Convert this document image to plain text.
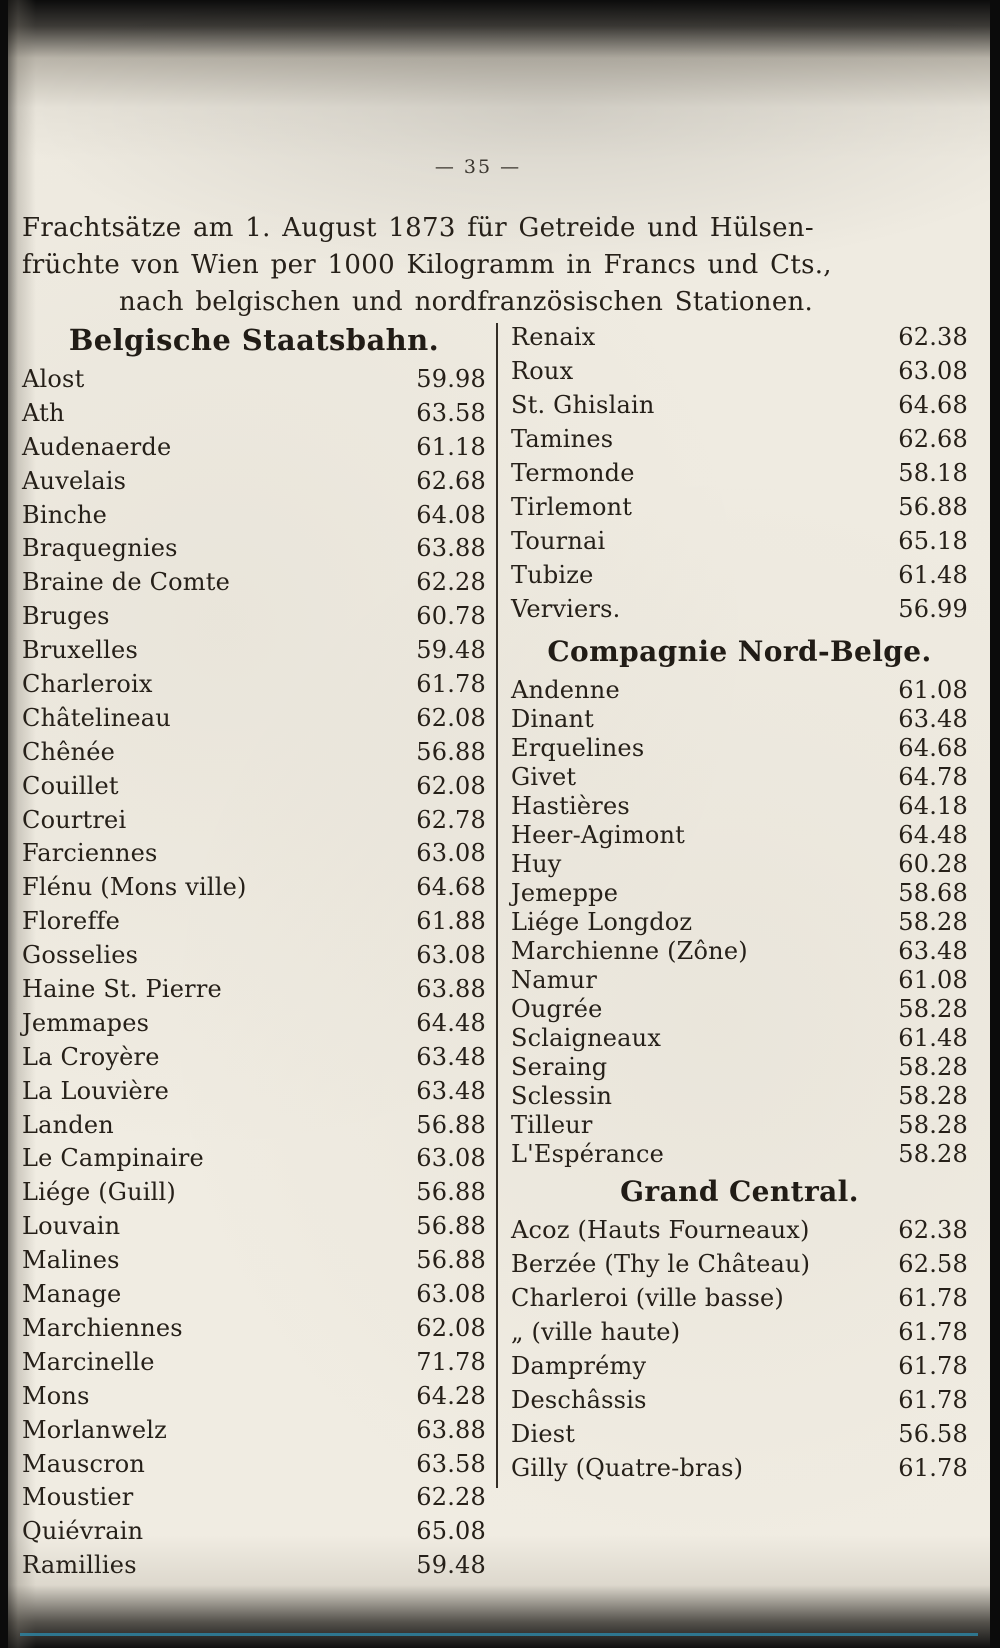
— 35 —
Frachtsätze am 1. August 1873 für Getreide und Hülsen-
früchte von Wien per 1000 Kilogramm in Francs und Cts.,
nach belgischen und nordfranzösischen Stationen.
Belgische Staatsbahn.
Alost	59.98
Ath	63.58
Audenaerde	61.18
Auvelais	62.68
Binche	64.08
Braquegnies	63.88
Braine de Comte	62.28
Bruges	60.78
Bruxelles	59.48
Charleroix	61.78
Châtelineau	62.08
Chênée	56.88
Couillet	62.08
Courtrei	62.78
Farciennes	63.08
Flénu (Mons ville)	64.68
Floreffe	61.88
Gosselies	63.08
Haine St. Pierre	63.88
Jemmapes	64.48
La Croyère	63.48
La Louvière	63.48
Landen	56.88
Le Campinaire	63.08
Liége (Guill)	56.88
Louvain	56.88
Malines	56.88
Manage	63.08
Marchiennes	62.08
Marcinelle	71.78
Mons	64.28
Morlanwelz	63.88
Mauscron	63.58
Moustier	62.28
Quiévrain	65.08
Ramillies	59.48
Renaix	62.38
Roux	63.08
St. Ghislain	64.68
Tamines	62.68
Termonde	58.18
Tirlemont	56.88
Tournai	65.18
Tubize	61.48
Verviers.	56.99
Compagnie Nord-Belge.
Andenne	61.08
Dinant	63.48
Erquelines	64.68
Givet	64.78
Hastières	64.18
Heer-Agimont	64.48
Huy	60.28
Jemeppe	58.68
Liége Longdoz	58.28
Marchienne (Zône)	63.48
Namur	61.08
Ougrée	58.28
Sclaigneaux	61.48
Seraing	58.28
Sclessin	58.28
Tilleur	58.28
L'Espérance	58.28
Grand Central.
Acoz (Hauts Fourneaux)	62.38
Berzée (Thy le Château)	62.58
Charleroi (ville basse)	61.78
„ (ville haute)	61.78
Damprémy	61.78
Deschâssis	61.78
Diest	56.58
Gilly (Quatre-bras)	61.78
